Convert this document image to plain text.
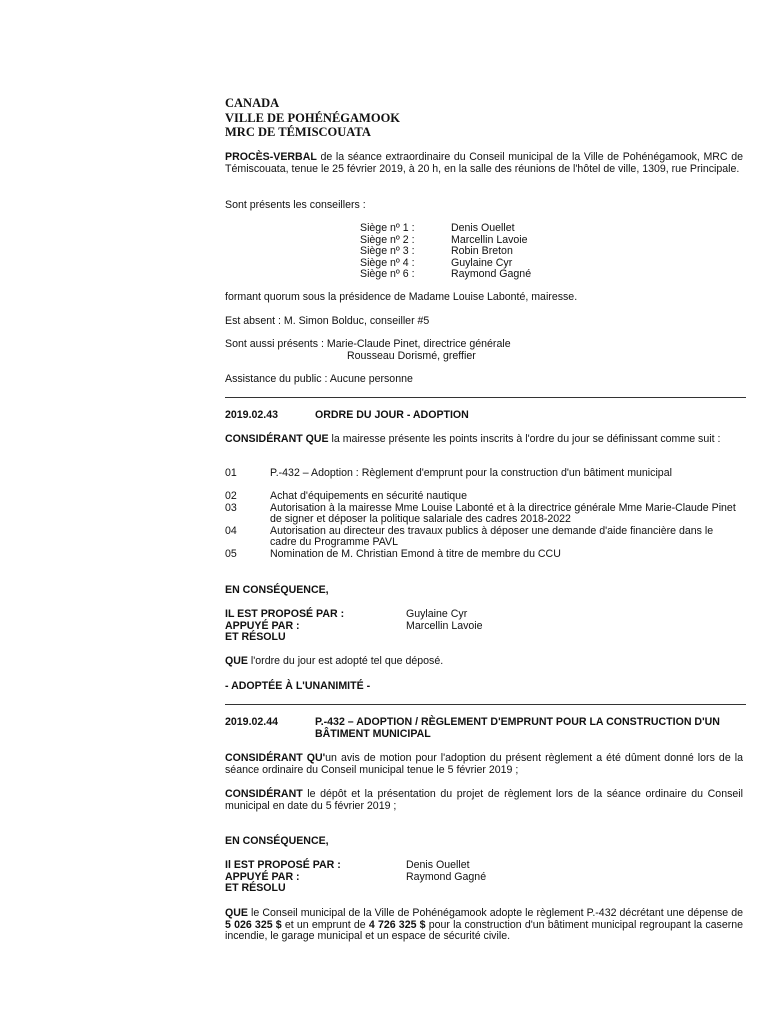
CANADA
VILLE DE POHÉNÉGAMOOK
MRC DE TÉMISCOUATA
PROCÈS-VERBAL de la séance extraordinaire du Conseil municipal de la Ville de Pohénégamook, MRC de Témiscouata, tenue le 25 février 2019, à 20 h, en la salle des réunions de l'hôtel de ville, 1309, rue Principale.
Sont présents les conseillers :
Siège nº 1 :	Denis Ouellet
Siège nº 2 :	Marcellin Lavoie
Siège nº 3 :	Robin Breton
Siège nº 4 :	Guylaine Cyr
Siège nº 6 :	Raymond Gagné
formant quorum sous la présidence de Madame Louise Labonté, mairesse.
Est absent : M. Simon Bolduc, conseiller #5
Sont aussi présents : Marie-Claude Pinet, directrice générale
Rousseau Dorismé, greffier
Assistance du public : Aucune personne
2019.02.43	ORDRE DU JOUR - ADOPTION
CONSIDÉRANT QUE la mairesse présente les points inscrits à l'ordre du jour se définissant comme suit :
01	P.-432 – Adoption : Règlement d'emprunt pour la construction d'un bâtiment municipal
02	Achat d'équipements en sécurité nautique
03	Autorisation à la mairesse Mme Louise Labonté et à la directrice générale Mme Marie-Claude Pinet de signer et déposer la politique salariale des cadres 2018-2022
04	Autorisation au directeur des travaux publics à déposer une demande d'aide financière dans le cadre du Programme PAVL
05	Nomination de M. Christian Emond à titre de membre du CCU
EN CONSÉQUENCE,
IL EST PROPOSÉ PAR :	Guylaine Cyr
APPUYÉ PAR :	Marcellin Lavoie
ET RÉSOLU
QUE l'ordre du jour est adopté tel que déposé.
- ADOPTÉE À L'UNANIMITÉ -
2019.02.44	P.-432 – ADOPTION / RÈGLEMENT D'EMPRUNT POUR LA CONSTRUCTION D'UN BÂTIMENT MUNICIPAL
CONSIDÉRANT QU'un avis de motion pour l'adoption du présent règlement a été dûment donné lors de la séance ordinaire du Conseil municipal tenue le 5 février 2019 ;
CONSIDÉRANT le dépôt et la présentation du projet de règlement lors de la séance ordinaire du Conseil municipal en date du 5 février 2019 ;
EN CONSÉQUENCE,
Il EST PROPOSÉ PAR :	Denis Ouellet
APPUYÉ PAR :	Raymond Gagné
ET RÉSOLU
QUE le Conseil municipal de la Ville de Pohénégamook adopte le règlement P.-432 décrétant une dépense de 5 026 325 $ et un emprunt de 4 726 325 $ pour la construction d'un bâtiment municipal regroupant la caserne incendie, le garage municipal et un espace de sécurité civile.
